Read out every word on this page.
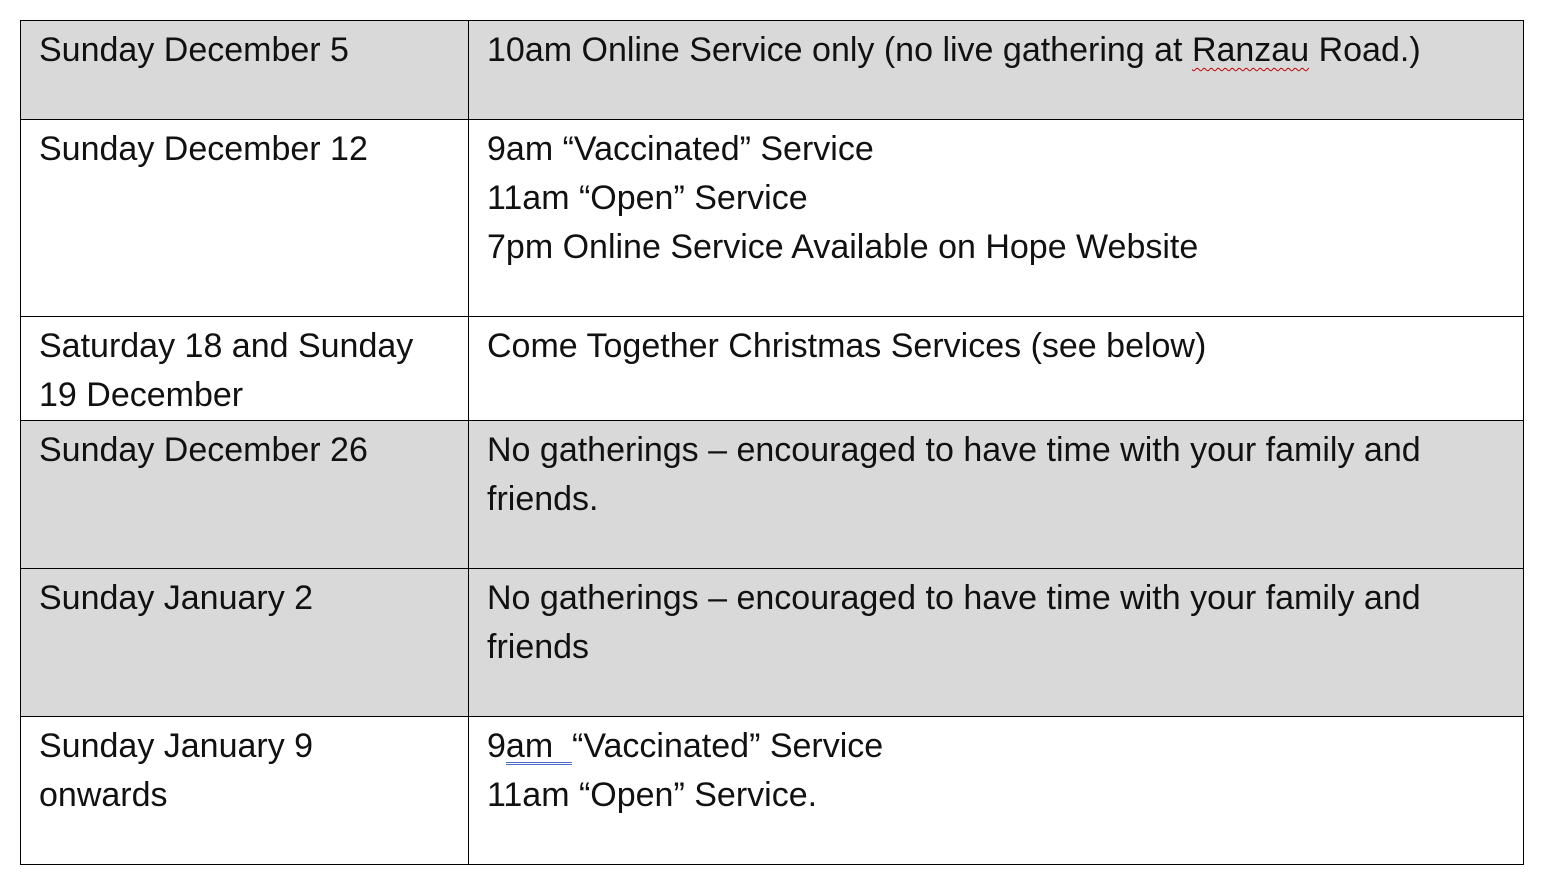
Sunday December 5	10am Online Service only (no live gathering at Ranzau Road.)

Sunday December 12	9am “Vaccinated” Service
11am “Open” Service
7pm Online Service Available on Hope Website

Saturday 18 and Sunday 19 December	Come Together Christmas Services (see below)

Sunday December 26	No gatherings – encouraged to have time with your family and friends.

Sunday January 2	No gatherings – encouraged to have time with your family and friends

Sunday January 9 onwards	9am  “Vaccinated” Service
11am “Open” Service.
